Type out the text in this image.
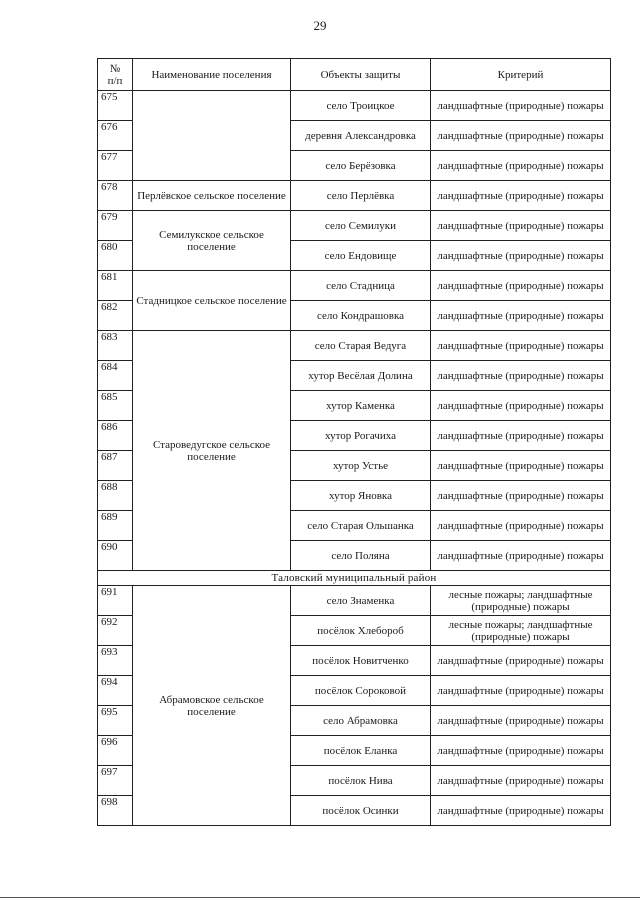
29
№
п/п	Наименование поселения	Объекты защиты	Критерий
675		село Троицкое	ландшафтные (природные) пожары
676		деревня Александровка	ландшафтные (природные) пожары
677		село Берёзовка	ландшафтные (природные) пожары
678	Перлёвское сельское поселение	село Перлёвка	ландшафтные (природные) пожары
679	Семилукское сельское поселение	село Семилуки	ландшафтные (природные) пожары
680		село Ендовище	ландшафтные (природные) пожары
681	Стадницкое сельское поселение	село Стадница	ландшафтные (природные) пожары
682		село Кондрашовка	ландшафтные (природные) пожары
683	Староведугское сельское поселение	село Старая Ведуга	ландшафтные (природные) пожары
684		хутор Весёлая Долина	ландшафтные (природные) пожары
685		хутор Каменка	ландшафтные (природные) пожары
686		хутор Рогачиха	ландшафтные (природные) пожары
687		хутор Устье	ландшафтные (природные) пожары
688		хутор Яновка	ландшафтные (природные) пожары
689		село Старая Ольшанка	ландшафтные (природные) пожары
690		село Поляна	ландшафтные (природные) пожары
Таловский муниципальный район			
691	Абрамовское сельское поселение	село Знаменка	лесные пожары; ландшафтные (природные) пожары
692		посёлок Хлебороб	лесные пожары; ландшафтные (природные) пожары
693		посёлок Новитченко	ландшафтные (природные) пожары
694		посёлок Сороковой	ландшафтные (природные) пожары
695		село Абрамовка	ландшафтные (природные) пожары
696		посёлок Еланка	ландшафтные (природные) пожары
697		посёлок Нива	ландшафтные (природные) пожары
698		посёлок Осинки	ландшафтные (природные) пожары
